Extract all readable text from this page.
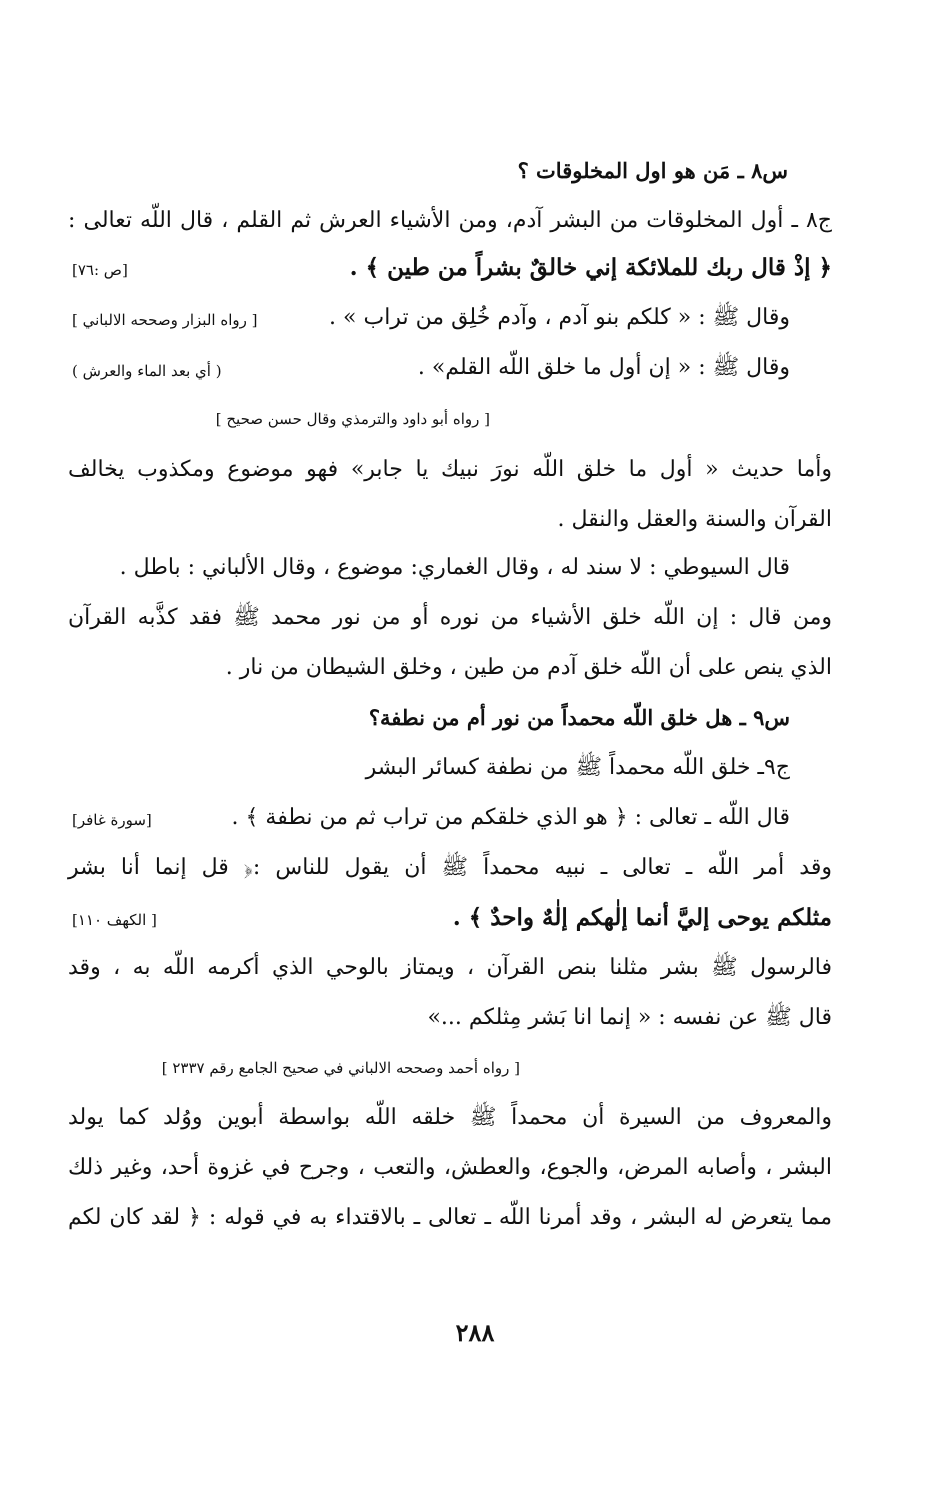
س٨ ـ مَن هو اول المخلوقات ؟
ج٨ ـ أول المخلوقات من البشر آدم، ومن الأشياء العرش ثم القلم ، قال اللّه تعالى :
﴿ إذْ قال ربك للملائكة إني خالقٌ بشراً من طين ﴾ .
[ص :٧٦]
وقال ﷺ : « كلكم بنو آدم ، وآدم خُلِق من تراب » .
[ رواه البزار وصححه الالباني ]
وقال ﷺ : « إن أول ما خلق اللّه القلم» .
( أي بعد الماء والعرش )
[ رواه أبو داود والترمذي وقال حسن صحيح ]
وأما حديث « أول ما خلق اللّه نورَ نبيك يا جابر» فهو موضوع ومكذوب يخالف
القرآن والسنة والعقل والنقل .
قال السيوطي : لا سند له ، وقال الغماري: موضوع ، وقال الألباني : باطل .
ومن قال : إن اللّه خلق الأشياء من نوره أو من نور محمد ﷺ فقد كذَّبه القرآن
الذي ينص على أن اللّه خلق آدم من طين ، وخلق الشيطان من نار .
س٩ ـ هل خلق اللّه محمداً من نور أم من نطفة؟
ج٩ـ خلق اللّه محمداً ﷺ من نطفة كسائر البشر
قال اللّه ـ تعالى : ﴿ هو الذي خلقكم من تراب ثم من نطفة ﴾ .
[سورة غافر]
وقد أمر اللّه ـ تعالى ـ نبيه محمداً ﷺ أن يقول للناس :﴿ قل إنما أنا بشر
مثلكم يوحى إليَّ أنما إلٰهكم إلٰهٌ واحدٌ ﴾ .
[ الكهف ١١٠]
فالرسول ﷺ بشر مثلنا بنص القرآن ، ويمتاز بالوحي الذي أكرمه اللّه به ، وقد
قال ﷺ عن نفسه : « إنما انا بَشر مِثلكم ...»
[ رواه أحمد وصححه الالباني في صحيح الجامع رقم ٢٣٣٧ ]
والمعروف من السيرة أن محمداً ﷺ خلقه اللّه بواسطة أبوين ووُلد كما يولد
البشر ، وأصابه المرض، والجوع، والعطش، والتعب ، وجرح في غزوة أحد، وغير ذلك
مما يتعرض له البشر ، وقد أمرنا اللّه ـ تعالى ـ بالاقتداء به في قوله : ﴿ لقد كان لكم
٢٨٨
